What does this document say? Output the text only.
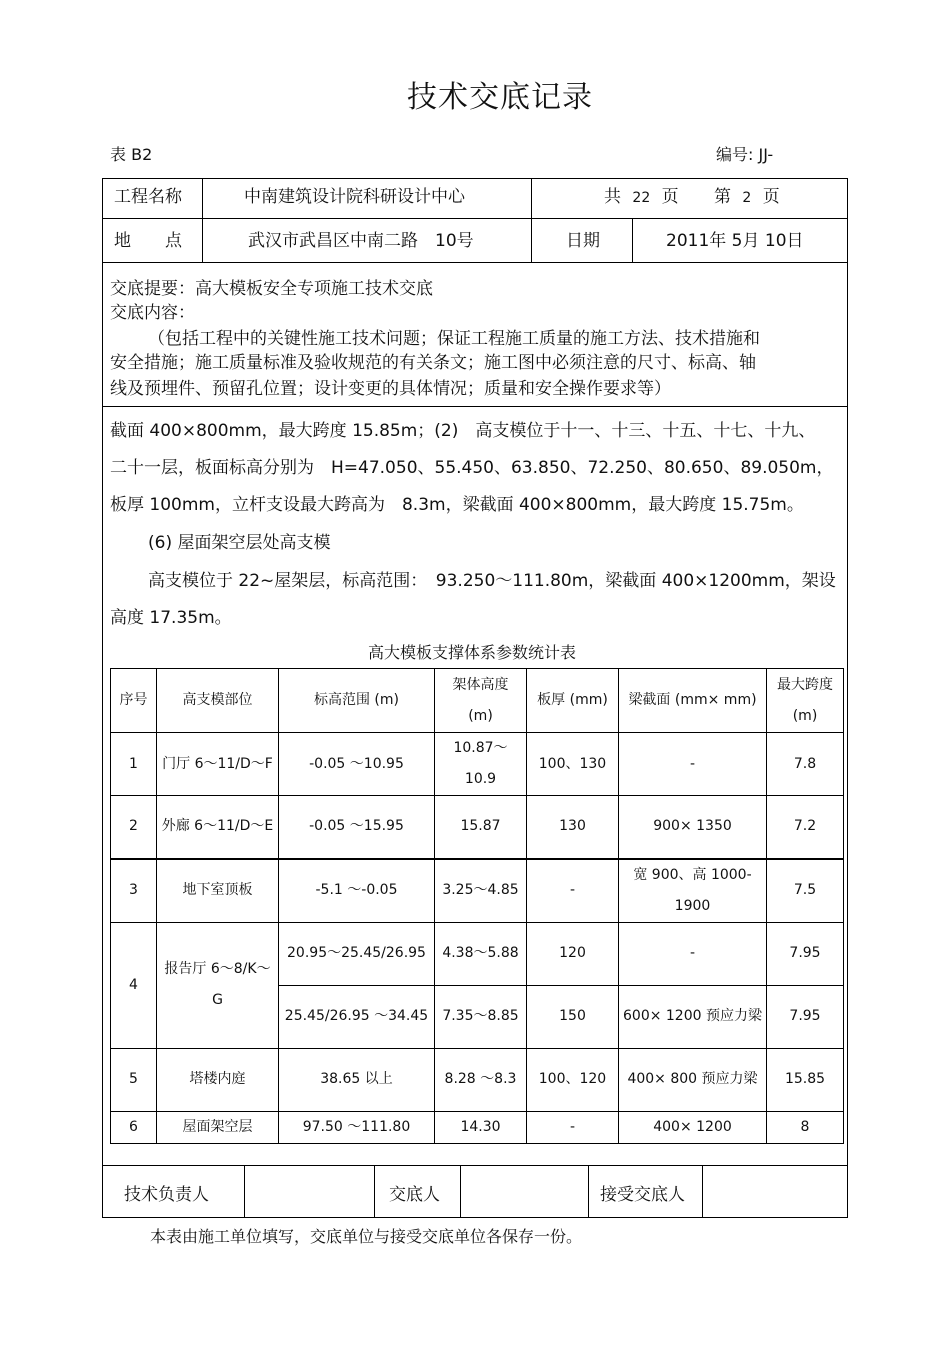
技术交底记录
表 B2	编号: JJ-
工程名称	中南建筑设计院科研设计中心	共 22 页 第 2 页
地　　点	武汉市武昌区中南二路　10号	日期	2011年 5月 10日
交底提要：高大模板安全专项施工技术交底
交底内容：
（包括工程中的关键性施工技术问题；保证工程施工质量的施工方法、技术措施和
安全措施；施工质量标准及验收规范的有关条文；施工图中必须注意的尺寸、标高、轴
线及预埋件、预留孔位置；设计变更的具体情况；质量和安全操作要求等）
截面 400×800mm，最大跨度 15.85m；(2)　高支模位于十一、十三、十五、十七、十九、
二十一层，板面标高分别为　H=47.050、55.450、63.850、72.250、80.650、89.050m，
板厚 100mm，立杆支设最大跨高为　8.3m，梁截面 400×800mm，最大跨度 15.75m。
(6) 屋面架空层处高支模
高支模位于 22~屋架层，标高范围：　93.250～111.80m，梁截面 400×1200mm，架设
高度 17.35m。
高大模板支撑体系参数统计表
序号	高支模部位	标高范围 (m)	架体高度 (m)	板厚 (mm)	梁截面 (mm× mm)	最大跨度(m)
1	门厅 6～11/D～F	-0.05 ～10.95	10.87～10.9	100、130	-	7.8
2	外廊 6～11/D～E	-0.05 ～15.95	15.87	130	900× 1350	7.2
3	地下室顶板	-5.1 ～-0.05	3.25～4.85	-	宽 900、高 1000-1900	7.5
4	报告厅 6～8/K～G	20.95～25.45/26.95	4.38～5.88	120	-	7.95
		25.45/26.95 ～34.45	7.35～8.85	150	600× 1200 预应力梁	7.95
5	塔楼内庭	38.65 以上	8.28 ～8.3	100、120	400× 800 预应力梁	15.85
6	屋面架空层	97.50 ～111.80	14.30	-	400× 1200	8
技术负责人	交底人	接受交底人
本表由施工单位填写，交底单位与接受交底单位各保存一份。
